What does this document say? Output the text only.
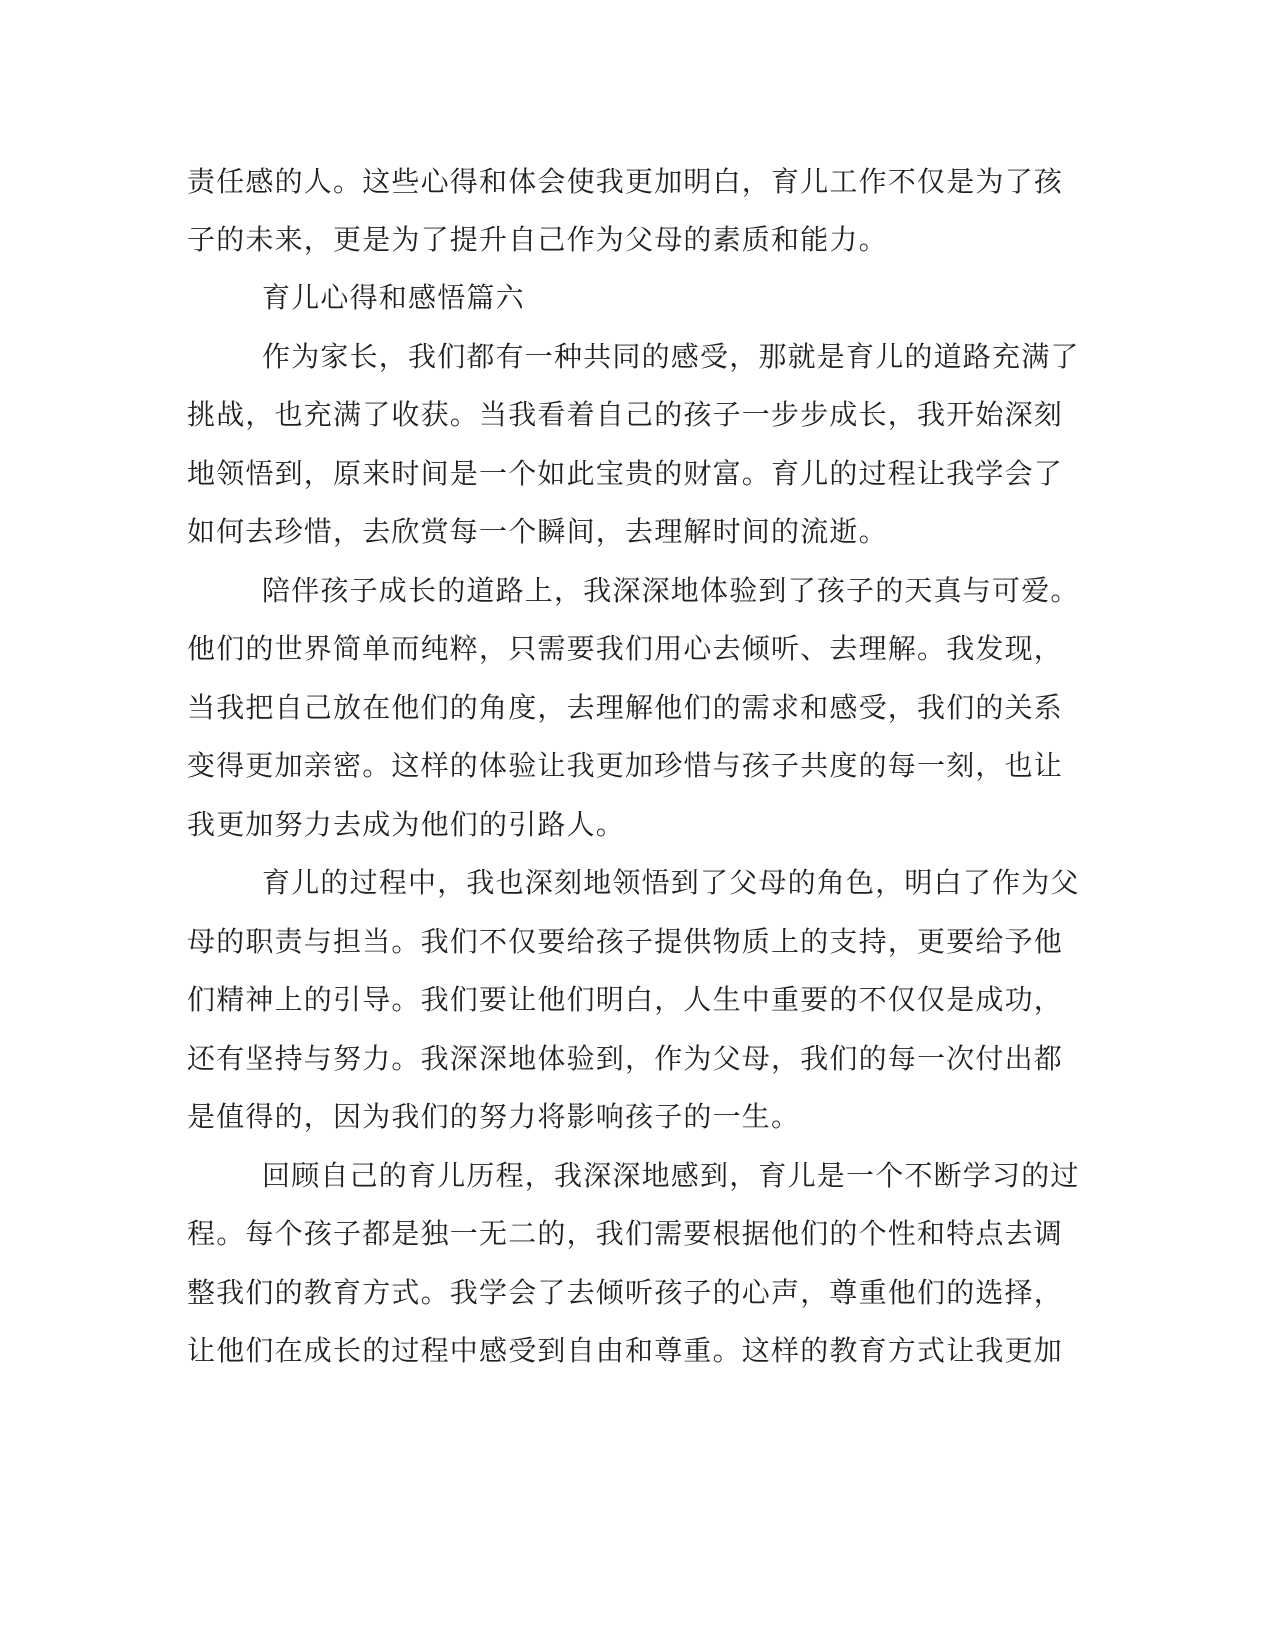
责任感的人。这些心得和体会使我更加明白，育儿工作不仅是为了孩
子的未来，更是为了提升自己作为父母的素质和能力。
育儿心得和感悟篇六
作为家长，我们都有一种共同的感受，那就是育儿的道路充满了
挑战，也充满了收获。当我看着自己的孩子一步步成长，我开始深刻
地领悟到，原来时间是一个如此宝贵的财富。育儿的过程让我学会了
如何去珍惜，去欣赏每一个瞬间，去理解时间的流逝。
陪伴孩子成长的道路上，我深深地体验到了孩子的天真与可爱。
他们的世界简单而纯粹，只需要我们用心去倾听、去理解。我发现，
当我把自己放在他们的角度，去理解他们的需求和感受，我们的关系
变得更加亲密。这样的体验让我更加珍惜与孩子共度的每一刻，也让
我更加努力去成为他们的引路人。
育儿的过程中，我也深刻地领悟到了父母的角色，明白了作为父
母的职责与担当。我们不仅要给孩子提供物质上的支持，更要给予他
们精神上的引导。我们要让他们明白，人生中重要的不仅仅是成功，
还有坚持与努力。我深深地体验到，作为父母，我们的每一次付出都
是值得的，因为我们的努力将影响孩子的一生。
回顾自己的育儿历程，我深深地感到，育儿是一个不断学习的过
程。每个孩子都是独一无二的，我们需要根据他们的个性和特点去调
整我们的教育方式。我学会了去倾听孩子的心声，尊重他们的选择，
让他们在成长的过程中感受到自由和尊重。这样的教育方式让我更加
